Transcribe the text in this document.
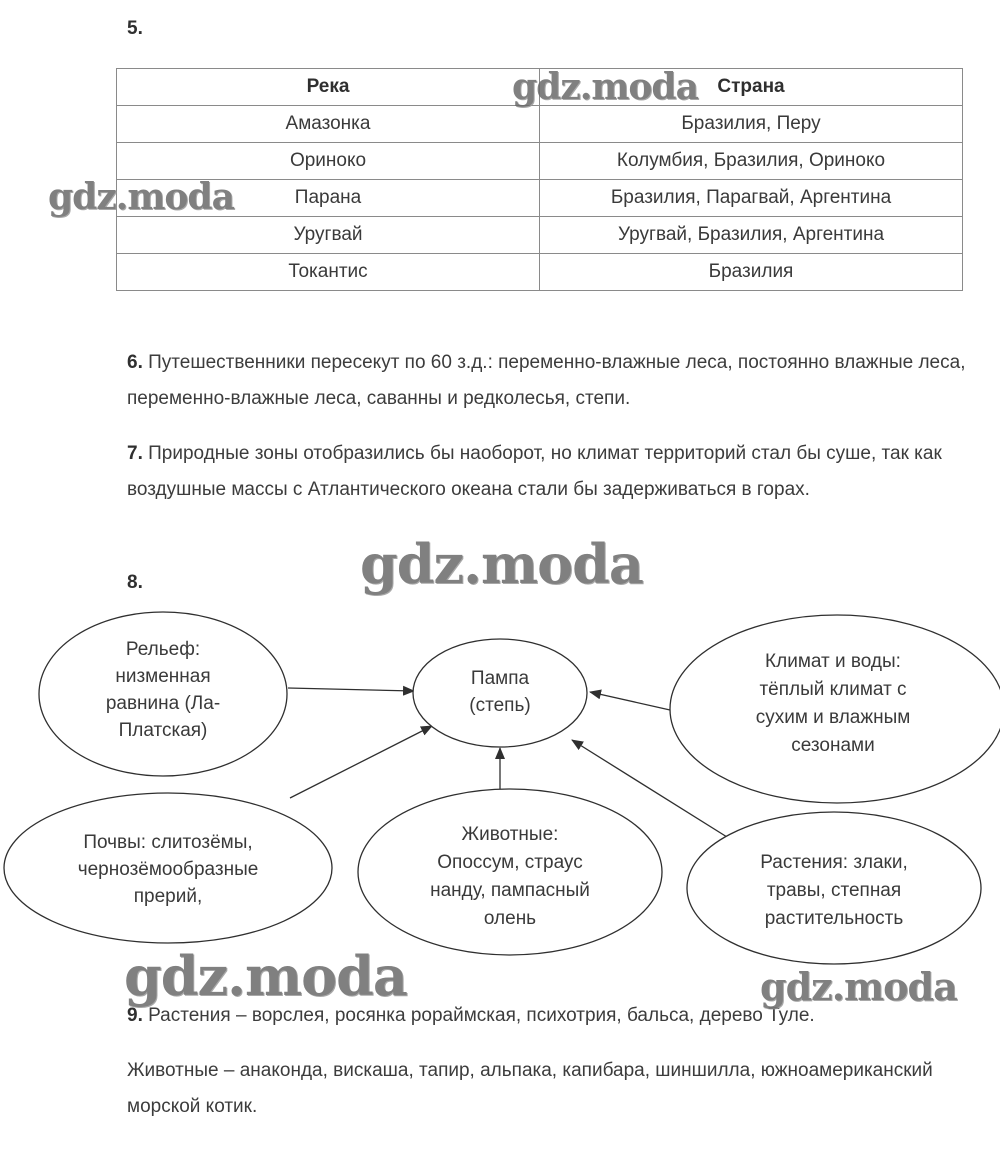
5.
Река	Страна
Амазонка	Бразилия, Перу
Ориноко	Колумбия, Бразилия, Ориноко
Парана	Бразилия, Парагвай, Аргентина
Уругвай	Уругвай, Бразилия, Аргентина
Токантис	Бразилия
6. Путешественники пересекут по 60 з.д.: переменно-влажные леса, постоянно влажные леса, переменно-влажные леса, саванны и редколесья, степи.
7. Природные зоны отобразились бы наоборот, но климат территорий стал бы суше, так как воздушные массы с Атлантического океана стали бы задерживаться в горах.
8.
Рельеф:
низменная
равнина (Ла-
Платская)
Пампа
(степь)
Климат и воды:
тёплый климат с
сухим и влажным
сезонами
Почвы: слитозёмы,
чернозёмообразные
прерий,
Животные:
Опоссум, страус
нанду, пампасный
олень
Растения: злаки,
травы, степная
растительность
9. Растения – ворслея, росянка рораймская, психотрия, бальса, дерево Туле.
Животные – анаконда, вискаша, тапир, альпака, капибара, шиншилла, южноамериканский морской котик.
gdz.moda
gdz.moda
gdz.moda
gdz.moda	gdz.moda
